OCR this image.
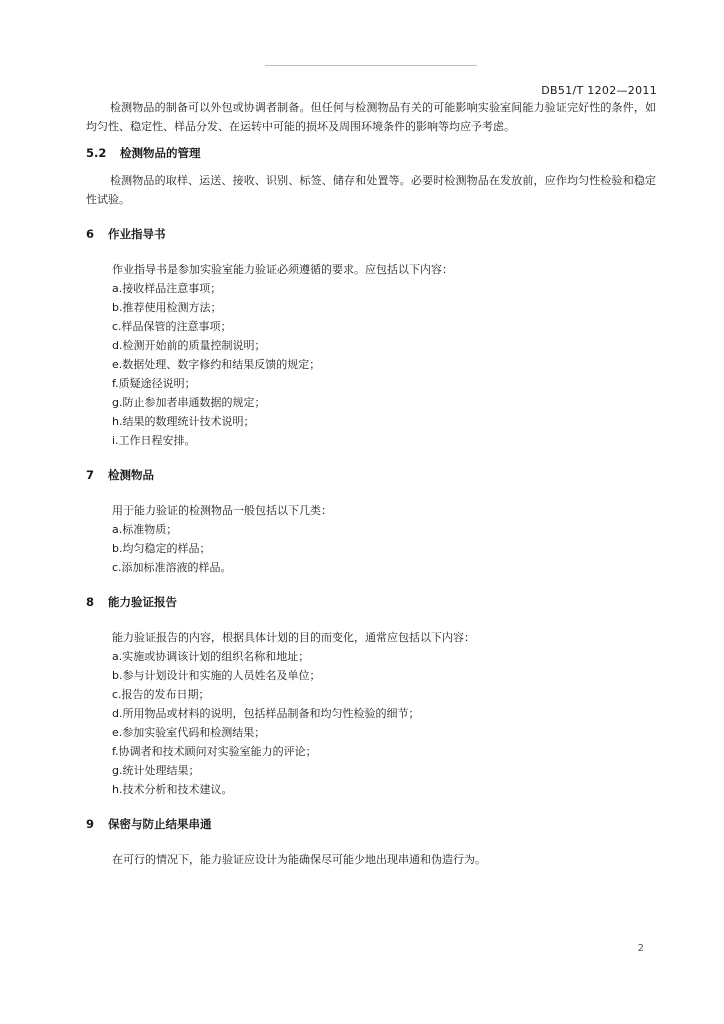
DB51/T 1202—2011

检测物品的制备可以外包或协调者制备。但任何与检测物品有关的可能影响实验室间能力验证完好性的条件，如均匀性、稳定性、样品分发、在运转中可能的损坏及周围环境条件的影响等均应予考虑。

5.2 检测物品的管理

检测物品的取样、运送、接收、识别、标签、储存和处置等。必要时检测物品在发放前，应作均匀性检验和稳定性试验。

6 作业指导书

作业指导书是参加实验室能力验证必须遵循的要求。应包括以下内容：

a.接收样品注意事项；

b.推荐使用检测方法；

c.样品保管的注意事项；

d.检测开始前的质量控制说明；

e.数据处理、数字修约和结果反馈的规定；

f.质疑途径说明；

g.防止参加者串通数据的规定；

h.结果的数理统计技术说明；

i.工作日程安排。

7 检测物品

用于能力验证的检测物品一般包括以下几类：

a.标准物质；

b.均匀稳定的样品；

c.添加标准溶液的样品。

8 能力验证报告

能力验证报告的内容，根据具体计划的目的而变化，通常应包括以下内容：

a.实施或协调该计划的组织名称和地址；

b.参与计划设计和实施的人员姓名及单位；

c.报告的发布日期；

d.所用物品或材料的说明，包括样品制备和均匀性检验的细节；

e.参加实验室代码和检测结果；

f.协调者和技术顾问对实验室能力的评论；

g.统计处理结果；

h.技术分析和技术建议。

9 保密与防止结果串通

在可行的情况下，能力验证应设计为能确保尽可能少地出现串通和伪造行为。

2
